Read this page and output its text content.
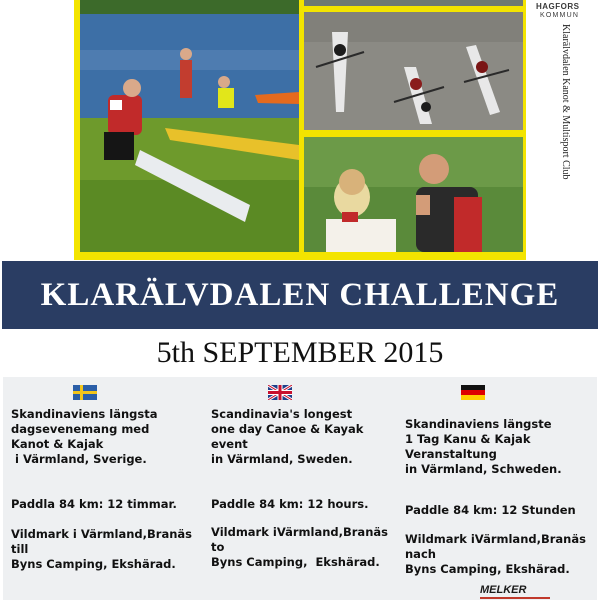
HAGFORS
KOMMUN
Klarälvdalen Kanot & Multisport Club
KLARÄLVDALEN CHALLENGE
5th SEPTEMBER 2015
Skandinaviens längsta
dagsevenemang med
Kanot & Kajak
i Värmland, Sverige.
Paddla 84 km: 12 timmar.
Vildmark i Värmland,Branäs
till
Byns Camping, Ekshärad.
Scandinavia's longest
one day Canoe & Kayak
event
in Värmland, Sweden.
Paddle 84 km: 12 hours.
Vildmark iVärmland,Branäs
to
Byns Camping,  Ekshärad.
Skandinaviens längste
1 Tag Kanu & Kajak
Veranstaltung
in Värmland, Schweden.
Paddle 84 km: 12 Stunden
Wildmark iVärmland,Branäs
nach
Byns Camping, Ekshärad.
MELKER
